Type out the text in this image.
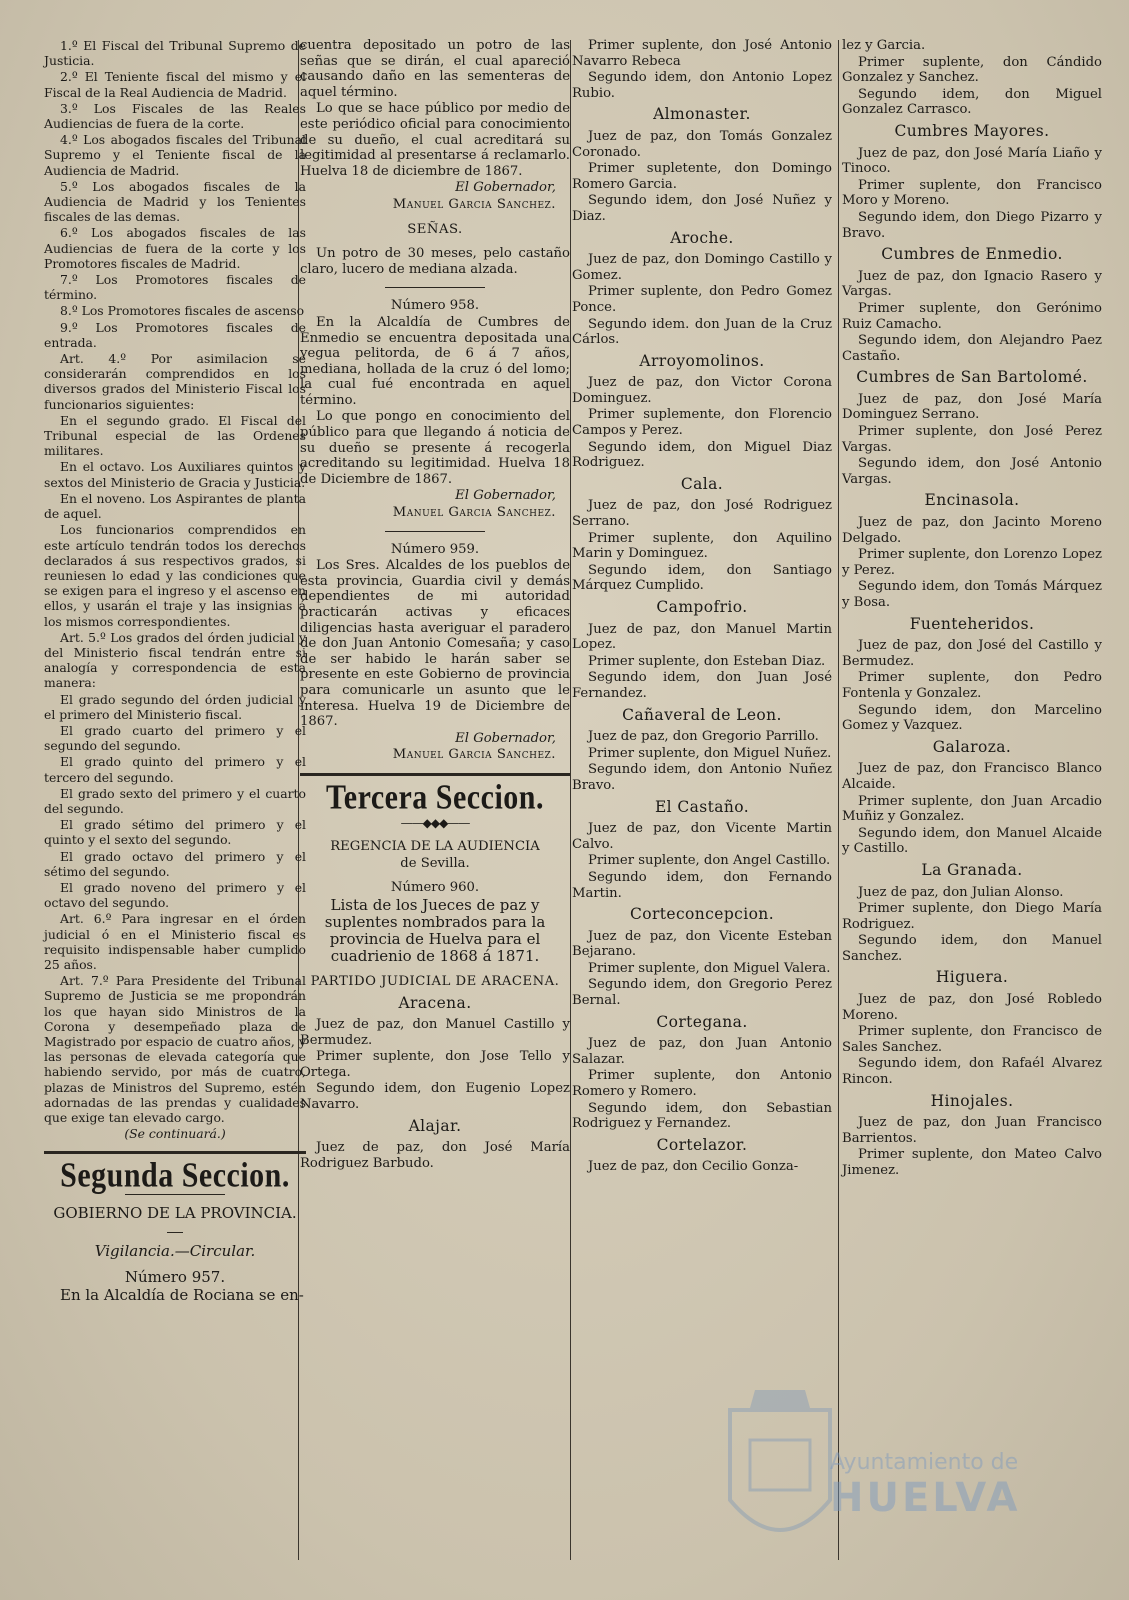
1.º El Fiscal del Tribunal Supremo de Justicia.

2.º El Teniente fiscal del mismo y el Fiscal de la Real Audiencia de Madrid.

3.º Los Fiscales de las Reales Audiencias de fuera de la corte.

4.º Los abogados fiscales del Tribunal Supremo y el Teniente fiscal de la Audiencia de Madrid.

5.º Los abogados fiscales de la Audiencia de Madrid y los Tenientes fiscales de las demas.

6.º Los abogados fiscales de las Audiencias de fuera de la corte y los Promotores fiscales de Madrid.

7.º Los Promotores fiscales de término.

8.º Los Promotores fiscales de ascenso

9.º Los Promotores fiscales de entrada.

Art. 4.º Por asimilacion se considerarán comprendidos en los diversos grados del Ministerio Fiscal los funcionarios siguientes:

En el segundo grado. El Fiscal del Tribunal especial de las Ordenes militares.

En el octavo. Los Auxiliares quintos y sextos del Ministerio de Gracia y Justicia.

En el noveno. Los Aspirantes de planta de aquel.

Los funcionarios comprendidos en este artículo tendrán todos los derechos declarados á sus respectivos grados, si reuniesen lo edad y las condiciones que se exigen para el ingreso y el ascenso en ellos, y usarán el traje y las insignias á los mismos correspondientes.

Art. 5.º Los grados del órden judicial y del Ministerio fiscal tendrán entre si analogía y correspondencia de esta manera:

El grado segundo del órden judicial y el primero del Ministerio fiscal.

El grado cuarto del primero y el segundo del segundo.

El grado quinto del primero y el tercero del segundo.

El grado sexto del primero y el cuarto del segundo.

El grado sétimo del primero y el quinto y el sexto del segundo.

El grado octavo del primero y el sétimo del segundo.

El grado noveno del primero y el octavo del segundo.

Art. 6.º Para ingresar en el órden judicial ó en el Ministerio fiscal es requisito indispensable haber cumplido 25 años.

Art. 7.º Para Presidente del Tribunal Supremo de Justicia se me propondrán los que hayan sido Ministros de la Corona y desempeñado plaza de Magistrado por espacio de cuatro años, y las personas de elevada categoría que habiendo servido, por más de cuatro, plazas de Ministros del Supremo, estén adornadas de las prendas y cualidades que exige tan elevado cargo.

(Se continuará.)

Segunda Seccion.

GOBIERNO DE LA PROVINCIA.

Vigilancia.—Circular.

Número 957.

En la Alcaldía de Rociana se en-

cuentra depositado un potro de las señas que se dirán, el cual apareció causando daño en las sementeras de aquel término.

Lo que se hace público por medio de este periódico oficial para conocimiento de su dueño, el cual acreditará su legitimidad al presentarse á reclamarlo. Huelva 18 de diciembre de 1867.

El Gobernador,

Manuel Garcia Sanchez.

SEÑAS.

Un potro de 30 meses, pelo castaño claro, lucero de mediana alzada.

Número 958.

En la Alcaldía de Cumbres de Enmedio se encuentra depositada una yegua pelitorda, de 6 á 7 años, mediana, hollada de la cruz ó del lomo; la cual fué encontrada en aquel término.

Lo que pongo en conocimiento del público para que llegando á noticia de su dueño se presente á recogerla acreditando su legitimidad. Huelva 18 de Diciembre de 1867.

El Gobernador,

Manuel Garcia Sanchez.

Número 959.

Los Sres. Alcaldes de los pueblos de esta provincia, Guardia civil y demás dependientes de mi autoridad practicarán activas y eficaces diligencias hasta averiguar el paradero de don Juan Antonio Comesaña; y caso de ser habido le harán saber se presente en este Gobierno de provincia para comunicarle un asunto que le interesa. Huelva 19 de Diciembre de 1867.

El Gobernador,

Manuel Garcia Sanchez.

Tercera Seccion.
——◆◆◆——

REGENCIA DE LA AUDIENCIA

de Sevilla.

Número 960.

Lista de los Jueces de paz y suplentes nombrados para la provincia de Huelva para el cuadrienio de 1868 á 1871.

PARTIDO JUDICIAL DE ARACENA.

Aracena.

Juez de paz, don Manuel Castillo y Bermudez.

Primer suplente, don Jose Tello y Ortega.

Segundo idem, don Eugenio Lopez Navarro.

Alajar.

Juez de paz, don José María Rodriguez Barbudo.

Primer suplente, don José Antonio Navarro Rebeca

Segundo idem, don Antonio Lopez Rubio.

Almonaster.

Juez de paz, don Tomás Gonzalez Coronado.

Primer supletente, don Domingo Romero Garcia.

Segundo idem, don José Nuñez y Diaz.

Aroche.

Juez de paz, don Domingo Castillo y Gomez.

Primer suplente, don Pedro Gomez Ponce.

Segundo idem. don Juan de la Cruz Cárlos.

Arroyomolinos.

Juez de paz, don Victor Corona Dominguez.

Primer suplemente, don Florencio Campos y Perez.

Segundo idem, don Miguel Diaz Rodriguez.

Cala.

Juez de paz, don José Rodriguez Serrano.

Primer suplente, don Aquilino Marin y Dominguez.

Segundo idem, don Santiago Márquez Cumplido.

Campofrio.

Juez de paz, don Manuel Martin Lopez.

Primer suplente, don Esteban Diaz.

Segundo idem, don Juan José Fernandez.

Cañaveral de Leon.

Juez de paz, don Gregorio Parrillo.

Primer suplente, don Miguel Nuñez.

Segundo idem, don Antonio Nuñez Bravo.

El Castaño.

Juez de paz, don Vicente Martin Calvo.

Primer suplente, don Angel Castillo.

Segundo idem, don Fernando Martin.

Corteconcepcion.

Juez de paz, don Vicente Esteban Bejarano.

Primer suplente, don Miguel Valera.

Segundo idem, don Gregorio Perez Bernal.

Cortegana.

Juez de paz, don Juan Antonio Salazar.

Primer suplente, don Antonio Romero y Romero.

Segundo idem, don Sebastian Rodriguez y Fernandez.

Cortelazor.

Juez de paz, don Cecilio Gonza-

lez y Garcia.

Primer suplente, don Cándido Gonzalez y Sanchez.

Segundo idem, don Miguel Gonzalez Carrasco.

Cumbres Mayores.

Juez de paz, don José María Liaño y Tinoco.

Primer suplente, don Francisco Moro y Moreno.

Segundo idem, don Diego Pizarro y Bravo.

Cumbres de Enmedio.

Juez de paz, don Ignacio Rasero y Vargas.

Primer suplente, don Gerónimo Ruiz Camacho.

Segundo idem, don Alejandro Paez Castaño.

Cumbres de San Bartolomé.

Juez de paz, don José María Dominguez Serrano.

Primer suplente, don José Perez Vargas.

Segundo idem, don José Antonio Vargas.

Encinasola.

Juez de paz, don Jacinto Moreno Delgado.

Primer suplente, don Lorenzo Lopez y Perez.

Segundo idem, don Tomás Márquez y Bosa.

Fuenteheridos.

Juez de paz, don José del Castillo y Bermudez.

Primer suplente, don Pedro Fontenla y Gonzalez.

Segundo idem, don Marcelino Gomez y Vazquez.

Galaroza.

Juez de paz, don Francisco Blanco Alcaide.

Primer suplente, don Juan Arcadio Muñiz y Gonzalez.

Segundo idem, don Manuel Alcaide y Castillo.

La Granada.

Juez de paz, don Julian Alonso.

Primer suplente, don Diego María Rodriguez.

Segundo idem, don Manuel Sanchez.

Higuera.

Juez de paz, don José Robledo Moreno.

Primer suplente, don Francisco de Sales Sanchez.

Segundo idem, don Rafaél Alvarez Rincon.

Hinojales.

Juez de paz, don Juan Francisco Barrientos.

Primer suplente, don Mateo Calvo Jimenez.

Ayuntamiento de
HUELVA
